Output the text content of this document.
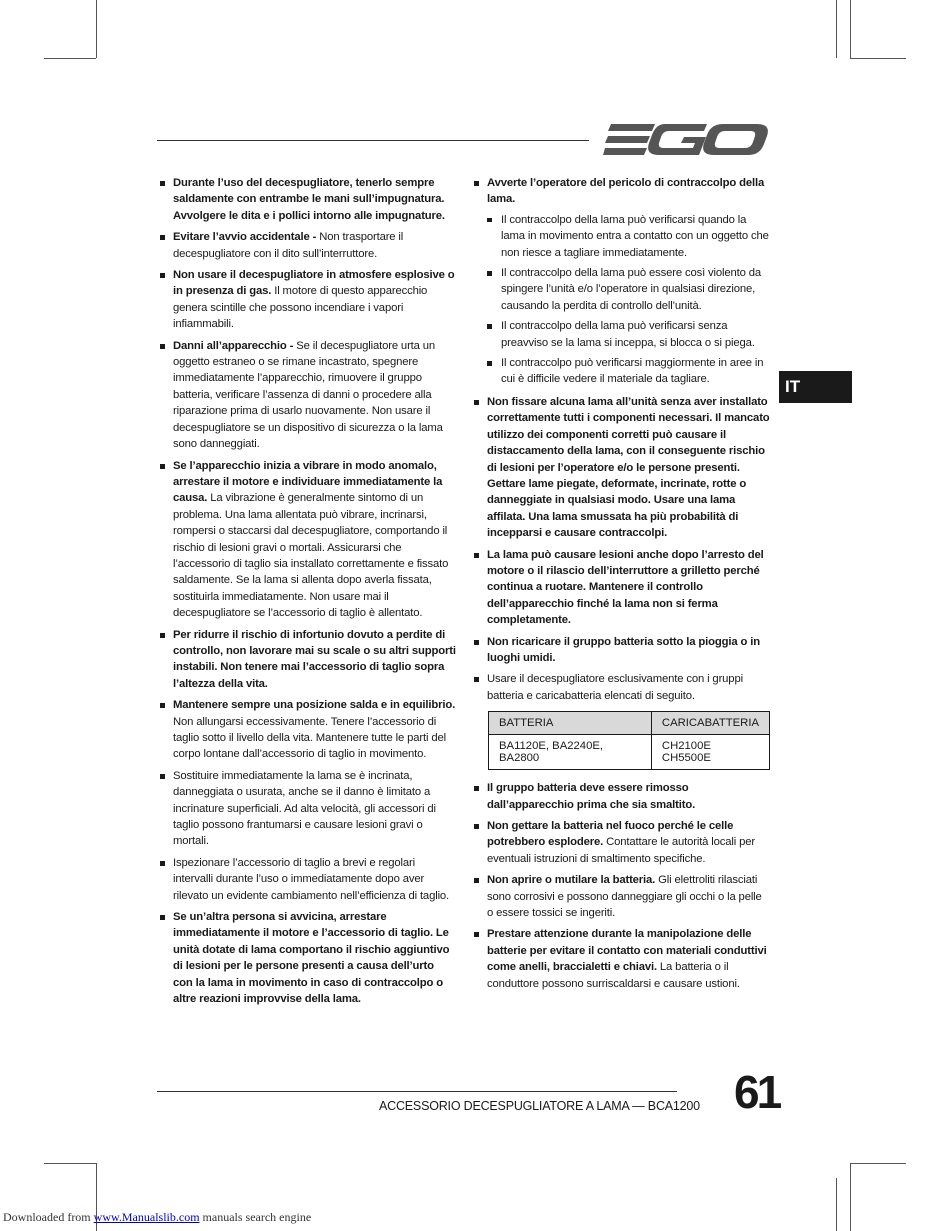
Durante l’uso del decespugliatore, tenerlo sempre saldamente con entrambe le mani sull’impugnatura. Avvolgere le dita e i pollici intorno alle impugnature.
Evitare l’avvio accidentale - Non trasportare il decespugliatore con il dito sull’interruttore.
Non usare il decespugliatore in atmosfere esplosive o in presenza di gas. Il motore di questo apparecchio genera scintille che possono incendiare i vapori infiammabili.
Danni all’apparecchio - Se il decespugliatore urta un oggetto estraneo o se rimane incastrato, spegnere immediatamente l’apparecchio, rimuovere il gruppo batteria, verificare l’assenza di danni o procedere alla riparazione prima di usarlo nuovamente. Non usare il decespugliatore se un dispositivo di sicurezza o la lama sono danneggiati.
Se l’apparecchio inizia a vibrare in modo anomalo, arrestare il motore e individuare immediatamente la causa. La vibrazione è generalmente sintomo di un problema. Una lama allentata può vibrare, incrinarsi, rompersi o staccarsi dal decespugliatore, comportando il rischio di lesioni gravi o mortali. Assicurarsi che l’accessorio di taglio sia installato correttamente e fissato saldamente. Se la lama si allenta dopo averla fissata, sostituirla immediatamente. Non usare mai il decespugliatore se l’accessorio di taglio è allentato.
Per ridurre il rischio di infortunio dovuto a perdite di controllo, non lavorare mai su scale o su altri supporti instabili. Non tenere mai l’accessorio di taglio sopra l’altezza della vita.
Mantenere sempre una posizione salda e in equilibrio. Non allungarsi eccessivamente. Tenere l’accessorio di taglio sotto il livello della vita. Mantenere tutte le parti del corpo lontane dall’accessorio di taglio in movimento.
Sostituire immediatamente la lama se è incrinata, danneggiata o usurata, anche se il danno è limitato a incrinature superficiali. Ad alta velocità, gli accessori di taglio possono frantumarsi e causare lesioni gravi o mortali.
Ispezionare l’accessorio di taglio a brevi e regolari intervalli durante l’uso o immediatamente dopo aver rilevato un evidente cambiamento nell’efficienza di taglio.
Se un’altra persona si avvicina, arrestare immediatamente il motore e l’accessorio di taglio. Le unità dotate di lama comportano il rischio aggiuntivo di lesioni per le persone presenti a causa dell’urto con la lama in movimento in caso di contraccolpo o altre reazioni improvvise della lama.
Avverte l’operatore del pericolo di contraccolpo della lama.
Il contraccolpo della lama può verificarsi quando la lama in movimento entra a contatto con un oggetto che non riesce a tagliare immediatamente.
Il contraccolpo della lama può essere così violento da spingere l’unità e/o l’operatore in qualsiasi direzione, causando la perdita di controllo dell’unità.
Il contraccolpo della lama può verificarsi senza preavviso se la lama si inceppa, si blocca o si piega.
Il contraccolpo può verificarsi maggiormente in aree in cui è difficile vedere il materiale da tagliare.
Non fissare alcuna lama all’unità senza aver installato correttamente tutti i componenti necessari. Il mancato utilizzo dei componenti corretti può causare il distaccamento della lama, con il conseguente rischio di lesioni per l’operatore e/o le persone presenti. Gettare lame piegate, deformate, incrinate, rotte o danneggiate in qualsiasi modo. Usare una lama affilata. Una lama smussata ha più probabilità di incepparsi e causare contraccolpi.
La lama può causare lesioni anche dopo l’arresto del motore o il rilascio dell’interruttore a grilletto perché continua a ruotare. Mantenere il controllo dell’apparecchio finché la lama non si ferma completamente.
Non ricaricare il gruppo batteria sotto la pioggia o in luoghi umidi.
Usare il decespugliatore esclusivamente con i gruppi batteria e caricabatteria elencati di seguito.
BATTERIA	CARICABATTERIA
BA1120E, BA2240E, BA2800	CH2100E
CH5500E
Il gruppo batteria deve essere rimosso dall’apparecchio prima che sia smaltito.
Non gettare la batteria nel fuoco perché le celle potrebbero esplodere. Contattare le autorità locali per eventuali istruzioni di smaltimento specifiche.
Non aprire o mutilare la batteria. Gli elettroliti rilasciati sono corrosivi e possono danneggiare gli occhi o la pelle o essere tossici se ingeriti.
Prestare attenzione durante la manipolazione delle batterie per evitare il contatto con materiali conduttivi come anelli, braccialetti e chiavi. La batteria o il conduttore possono surriscaldarsi e causare ustioni.
IT
ACCESSORIO DECESPUGLIATORE A LAMA — BCA1200 61
Downloaded from www.Manualslib.com manuals search engine
